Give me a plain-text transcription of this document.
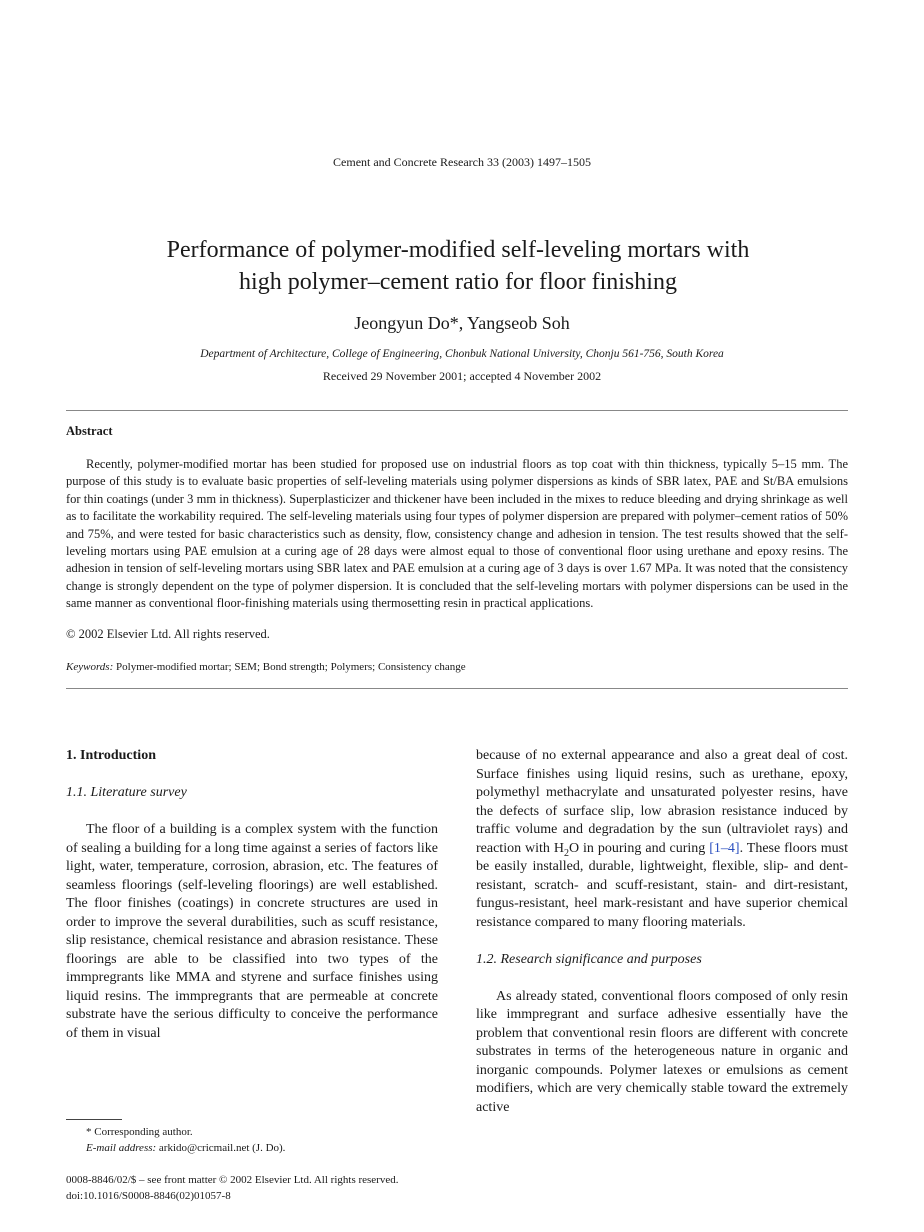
Cement and Concrete Research 33 (2003) 1497–1505
Performance of polymer-modified self-leveling mortars with
high polymer–cement ratio for floor finishing
Jeongyun Do*, Yangseob Soh
Department of Architecture, College of Engineering, Chonbuk National University, Chonju 561-756, South Korea
Received 29 November 2001; accepted 4 November 2002
Abstract

Recently, polymer-modified mortar has been studied for proposed use on industrial floors as top coat with thin thickness, typically 5–15 mm. The purpose of this study is to evaluate basic properties of self-leveling materials using polymer dispersions as kinds of SBR latex, PAE and St/BA emulsions for thin coatings (under 3 mm in thickness). Superplasticizer and thickener have been included in the mixes to reduce bleeding and drying shrinkage as well as to facilitate the workability required. The self-leveling materials using four types of polymer dispersion are prepared with polymer–cement ratios of 50% and 75%, and were tested for basic characteristics such as density, flow, consistency change and adhesion in tension. The test results showed that the self-leveling mortars using PAE emulsion at a curing age of 28 days were almost equal to those of conventional floor using urethane and epoxy resins. The adhesion in tension of self-leveling mortars using SBR latex and PAE emulsion at a curing age of 3 days is over 1.67 MPa. It was noted that the consistency change is strongly dependent on the type of polymer dispersion. It is concluded that the self-leveling mortars with polymer dispersions can be used in the same manner as conventional floor-finishing materials using thermosetting resin in practical applications.

© 2002 Elsevier Ltd. All rights reserved.
Keywords: Polymer-modified mortar; SEM; Bond strength; Polymers; Consistency change

1. Introduction

1.1. Literature survey

The floor of a building is a complex system with the function of sealing a building for a long time against a series of factors like light, water, temperature, corrosion, abrasion, etc. The features of seamless floorings (self-leveling floorings) are well established. The floor finishes (coatings) in concrete structures are used in order to improve the several durabilities, such as scuff resistance, slip resistance, chemical resistance and abrasion resistance. These floorings are able to be classified into two types of the immpregrants like MMA and styrene and surface finishes using liquid resins. The immpregrants that are permeable at concrete substrate have the serious difficulty to conceive the performance of them in visual

because of no external appearance and also a great deal of cost. Surface finishes using liquid resins, such as urethane, epoxy, polymethyl methacrylate and unsaturated polyester resins, have the defects of surface slip, low abrasion resistance induced by traffic volume and degradation by the sun (ultraviolet rays) and reaction with $H_2O$ in pouring and curing [1–4]. These floors must be easily installed, durable, lightweight, flexible, slip- and dent-resistant, scratch- and scuff-resistant, stain- and dirt-resistant, fungus-resistant, heel mark-resistant and have superior chemical resistance compared to many flooring materials.

1.2. Research significance and purposes

As already stated, conventional floors composed of only resin like immpregrant and surface adhesive essentially have the problem that conventional resin floors are different with concrete substrates in terms of the heterogeneous nature in organic and inorganic compounds. Polymer latexes or emulsions as cement modifiers, which are very chemically stable toward the extremely active

* Corresponding author.
E-mail address: arkido@cricmail.net (J. Do).
0008-8846/02/$ – see front matter © 2002 Elsevier Ltd. All rights reserved.
doi:10.1016/S0008-8846(02)01057-8
